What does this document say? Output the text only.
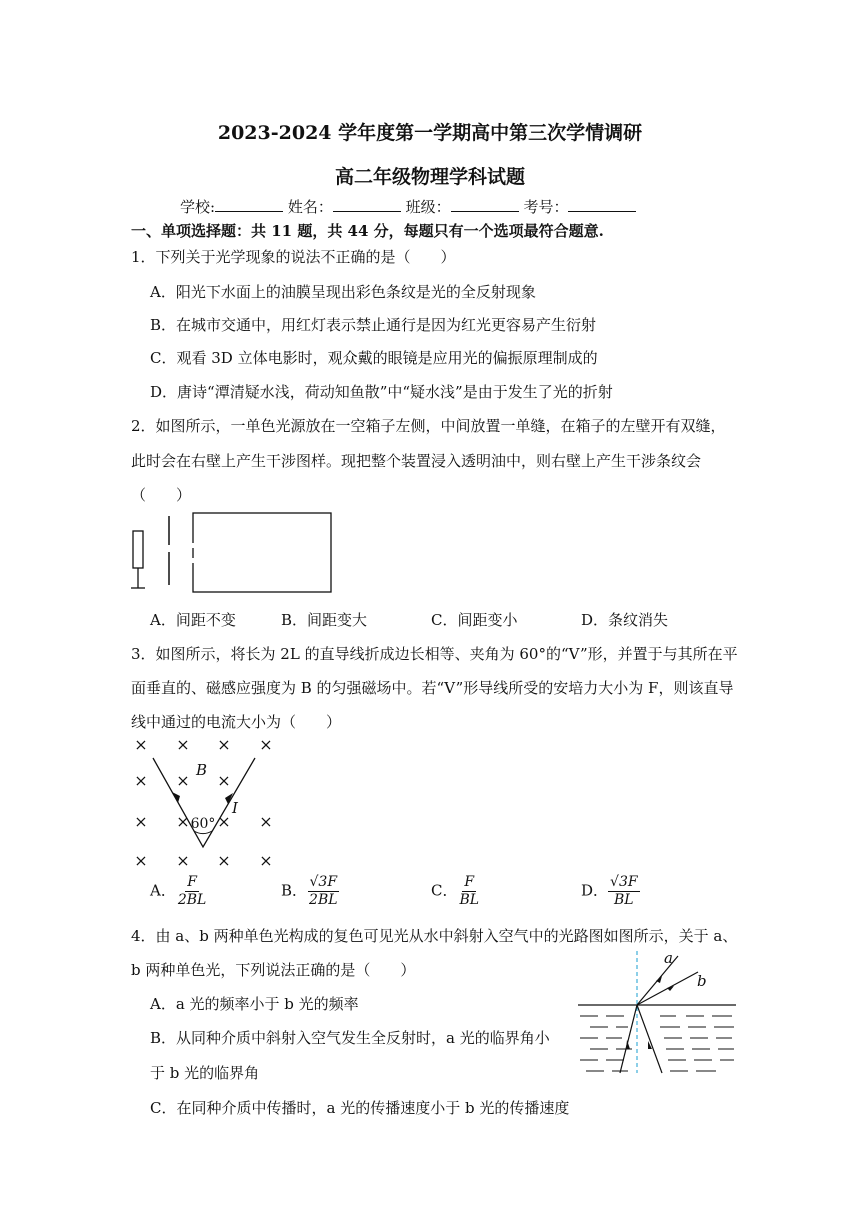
2023-2024 学年度第一学期高中第三次学情调研
高二年级物理学科试题
学校:	姓名：	班级：	考号：
一、单项选择题：共 11 题，共 44 分，每题只有一个选项最符合题意.
1．下列关于光学现象的说法不正确的是（　　）
A．阳光下水面上的油膜呈现出彩色条纹是光的全反射现象
B．在城市交通中，用红灯表示禁止通行是因为红光更容易产生衍射
C．观看 3D 立体电影时，观众戴的眼镜是应用光的偏振原理制成的
D．唐诗“潭清疑水浅，荷动知鱼散”中“疑水浅”是由于发生了光的折射
2．如图所示，一单色光源放在一空箱子左侧，中间放置一单缝，在箱子的左壁开有双缝，
此时会在右壁上产生干涉图样。现把整个装置浸入透明油中，则右壁上产生干涉条纹会
（　　）
A．间距不变	B．间距变大	C．间距变小	D．条纹消失
3．如图所示，将长为 2L 的直导线折成边长相等、夹角为 60°的“V”形，并置于与其所在平
面垂直的、磁感应强度为 B 的匀强磁场中。若“V”形导线所受的安培力大小为 F，则该直导
线中通过的电流大小为（　　）
× × × ×
× × ×
× × × ×
× × × ×
60°
B
I
A． $\frac{F}{2BL}$	B． $\frac{√3F}{2BL}$	C． $\frac{F}{BL}$	D． $\frac{√3F}{BL}$
4．由 a、b 两种单色光构成的复色可见光从水中斜射入空气中的光路图如图所示，关于 a、
b 两种单色光，下列说法正确的是（　　）
A．a 光的频率小于 b 光的频率
B．从同种介质中斜射入空气发生全反射时，a 光的临界角小
于 b 光的临界角
C．在同种介质中传播时，a 光的传播速度小于 b 光的传播速度
a
b
